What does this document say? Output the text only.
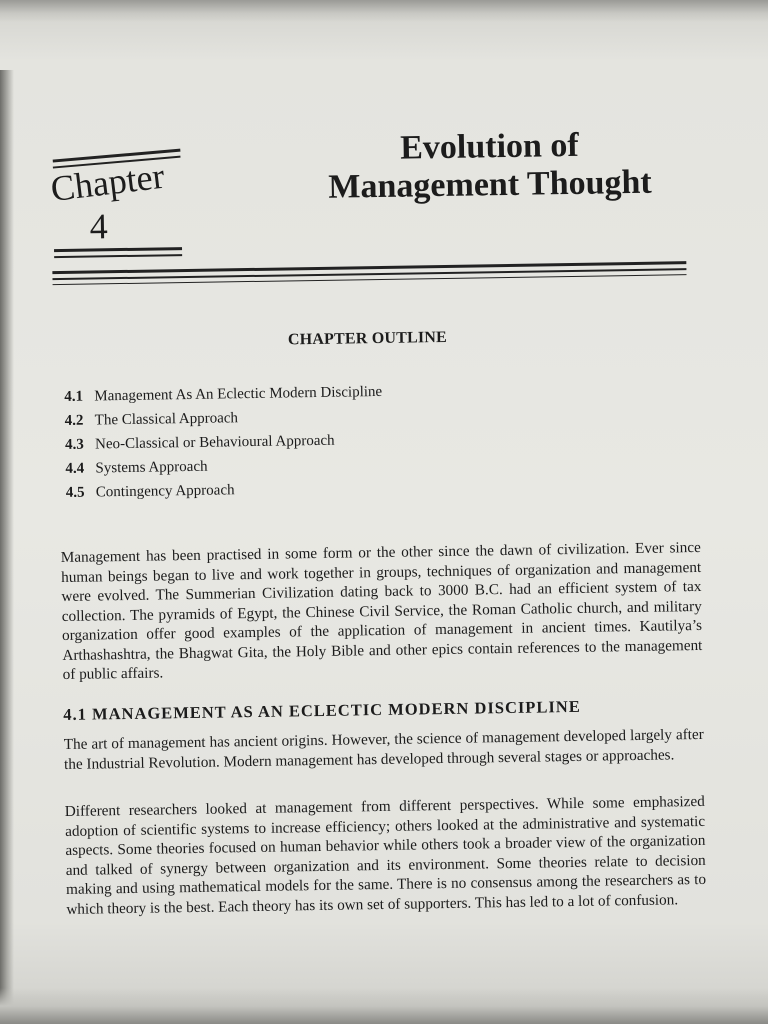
Chapter
4
Evolution of
Management Thought
CHAPTER OUTLINE
4.1 Management As An Eclectic Modern Discipline
4.2 The Classical Approach
4.3 Neo-Classical or Behavioural Approach
4.4 Systems Approach
4.5 Contingency Approach

Management has been practised in some form or the other since the dawn of civilization. Ever since human beings began to live and work together in groups, techniques of organization and management were evolved. The Summerian Civilization dating back to 3000 B.C. had an efficient system of tax collection. The pyramids of Egypt, the Chinese Civil Service, the Roman Catholic church, and military organization offer good examples of the application of management in ancient times. Kautilya’s Arthashashtra, the Bhagwat Gita, the Holy Bible and other epics contain references to the management of public affairs.

4.1 MANAGEMENT AS AN ECLECTIC MODERN DISCIPLINE

The art of management has ancient origins. However, the science of management developed largely after the Industrial Revolution. Modern management has developed through several stages or approaches.

Different researchers looked at management from different perspectives. While some emphasized adoption of scientific systems to increase efficiency; others looked at the administrative and systematic aspects. Some theories focused on human behavior while others took a broader view of the organization and talked of synergy between organization and its environment. Some theories relate to decision making and using mathematical models for the same. There is no consensus among the researchers as to which theory is the best. Each theory has its own set of supporters. This has led to a lot of confusion.
